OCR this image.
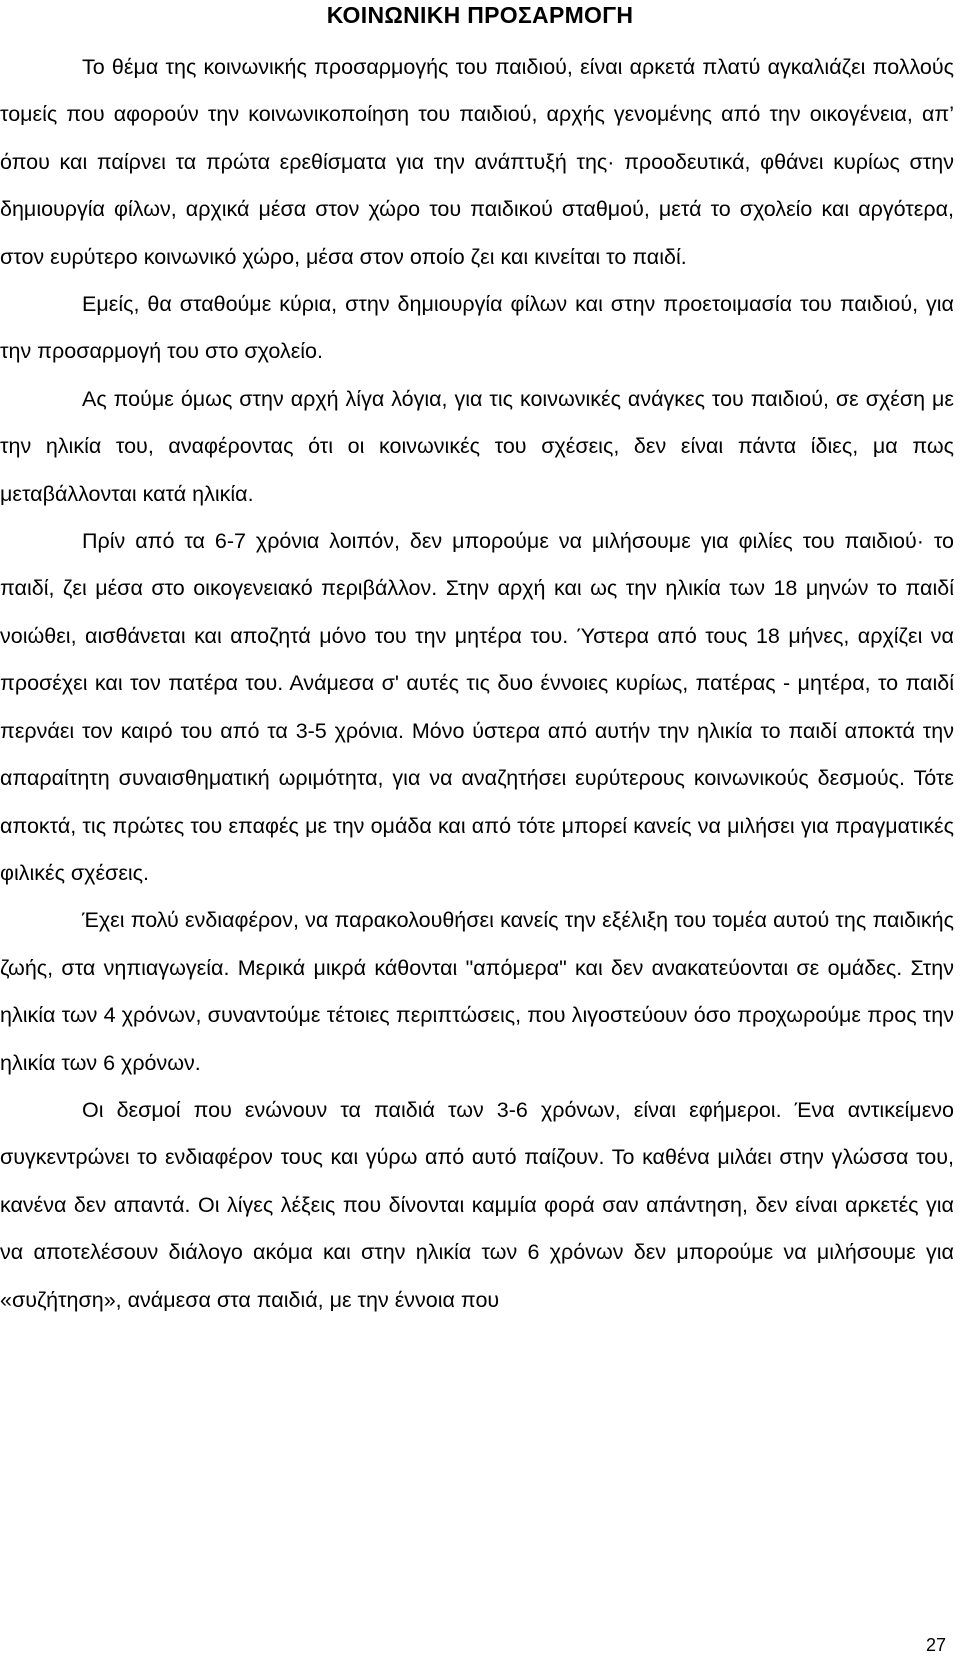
ΚΟΙΝΩΝΙΚΗ ΠΡΟΣΑΡΜΟΓΗ

Το θέμα της κοινωνικής προσαρμογής του παιδιού, είναι αρκετά πλατύ αγκαλιάζει πολλούς τομείς που αφορούν την κοινωνικοποίηση του παιδιού, αρχής γενομένης από την οικογένεια, απ’ όπου και παίρνει τα πρώτα ερεθίσματα για την ανάπτυξή της· προοδευτικά, φθάνει κυρίως στην δημιουργία φίλων, αρχικά μέσα στον χώρο του παιδικού σταθμού, μετά το σχολείο και αργότερα, στον ευρύτερο κοινωνικό χώρο, μέσα στον οποίο ζει και κινείται το παιδί.

Εμείς, θα σταθούμε κύρια, στην δημιουργία φίλων και στην προετοιμασία του παιδιού, για την προσαρμογή του στο σχολείο.

Ας πούμε όμως στην αρχή λίγα λόγια, για τις κοινωνικές ανάγκες του παιδιού, σε σχέση με την ηλικία του, αναφέροντας ότι οι κοινωνικές του σχέσεις, δεν είναι πάντα ίδιες, μα πως μεταβάλλονται κατά ηλικία.

Πρίν από τα 6-7 χρόνια λοιπόν, δεν μπορούμε να μιλήσουμε για φιλίες του παιδιού· το παιδί, ζει μέσα στο οικογενειακό περιβάλλον. Στην αρχή και ως την ηλικία των 18 μηνών το παιδί νοιώθει, αισθάνεται και αποζητά μόνο του την μητέρα του. Ύστερα από τους 18 μήνες, αρχίζει να προσέχει και τον πατέρα του. Ανάμεσα σ' αυτές τις δυο έννοιες κυρίως, πατέρας - μητέρα, το παιδί περνάει τον καιρό του από τα 3-5 χρόνια. Μόνο ύστερα από αυτήν την ηλικία το παιδί αποκτά την απαραίτητη συναισθηματική ωριμότητα, για να αναζητήσει ευρύτερους κοινωνικούς δεσμούς. Τότε αποκτά, τις πρώτες του επαφές με την ομάδα και από τότε μπορεί κανείς να μιλήσει για πραγματικές φιλικές σχέσεις.

Έχει πολύ ενδιαφέρον, να παρακολουθήσει κανείς την εξέλιξη του τομέα αυτού της παιδικής ζωής, στα νηπιαγωγεία. Μερικά μικρά κάθονται "απόμερα" και δεν ανακατεύονται σε ομάδες. Στην ηλικία των 4 χρόνων, συναντούμε τέτοιες περιπτώσεις, που λιγοστεύουν όσο προχωρούμε προς την ηλικία των 6 χρόνων.

Οι δεσμοί που ενώνουν τα παιδιά των 3-6 χρόνων, είναι εφήμεροι. Ένα αντικείμενο συγκεντρώνει το ενδιαφέρον τους και γύρω από αυτό παίζουν. Το καθένα μιλάει στην γλώσσα του, κανένα δεν απαντά. Οι λίγες λέξεις που δίνονται καμμία φορά σαν απάντηση, δεν είναι αρκετές για να αποτελέσουν διάλογο ακόμα και στην ηλικία των 6 χρόνων δεν μπορούμε να μιλήσουμε για «συζήτηση», ανάμεσα στα παιδιά, με την έννοια που

27
